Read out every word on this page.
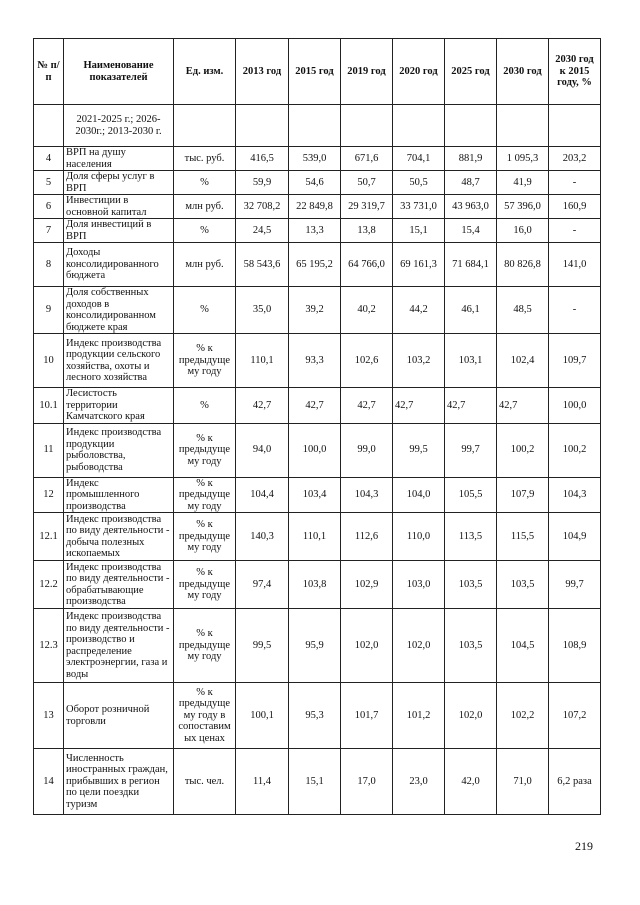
№ п/п	Наименование показателей	Ед. изм.	2013 год	2015 год	2019 год	2020 год	2025 год	2030 год	2030 год к 2015 году, %
	2021-2025 г.; 2026-2030г.; 2013-2030 г.								
4	ВРП на душу населения	тыс. руб.	416,5	539,0	671,6	704,1	881,9	1 095,3	203,2
5	Доля сферы услуг в ВРП	%	59,9	54,6	50,7	50,5	48,7	41,9	-
6	Инвестиции в основной капитал	млн руб.	32 708,2	22 849,8	29 319,7	33 731,0	43 963,0	57 396,0	160,9
7	Доля инвестиций в ВРП	%	24,5	13,3	13,8	15,1	15,4	16,0	-
8	Доходы консолидированного бюджета	млн руб.	58 543,6	65 195,2	64 766,0	69 161,3	71 684,1	80 826,8	141,0
9	Доля собственных доходов в консолидированном бюджете края	%	35,0	39,2	40,2	44,2	46,1	48,5	-
10	Индекс производства продукции сельского хозяйства, охоты и лесного хозяйства	% к предыдуще му году	110,1	93,3	102,6	103,2	103,1	102,4	109,7
10.1	Лесистость территории Камчатского края	%	42,7	42,7	42,7	42,7	42,7	42,7	100,0
11	Индекс производства продукции рыболовства, рыбоводства	% к предыдуще му году	94,0	100,0	99,0	99,5	99,7	100,2	100,2
12	Индекс промышленного производства	% к предыдуще му году	104,4	103,4	104,3	104,0	105,5	107,9	104,3
12.1	Индекс производства по виду деятельности - добыча полезных ископаемых	% к предыдуще му году	140,3	110,1	112,6	110,0	113,5	115,5	104,9
12.2	Индекс производства по виду деятельности - обрабатывающие производства	% к предыдуще му году	97,4	103,8	102,9	103,0	103,5	103,5	99,7
12.3	Индекс производства по виду деятельности - производство и распределение электроэнергии, газа и воды	% к предыдуще му году	99,5	95,9	102,0	102,0	103,5	104,5	108,9
13	Оборот розничной торговли	% к предыдуще му году в сопоставим ых ценах	100,1	95,3	101,7	101,2	102,0	102,2	107,2
14	Численность иностранных граждан, прибывших в регион по цели поездки туризм	тыс. чел.	11,4	15,1	17,0	23,0	42,0	71,0	6,2 раза
219
